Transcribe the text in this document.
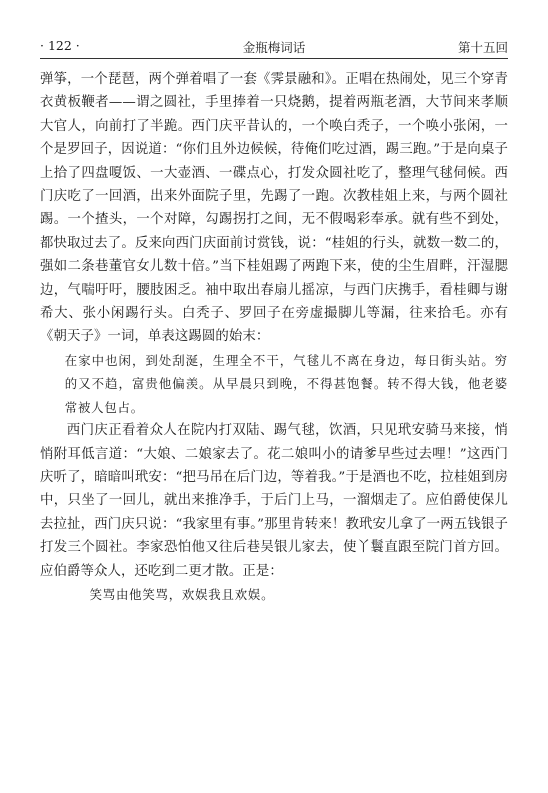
· 122 ·	金瓶梅词话	第十五回

弹筝，一个琵琶，两个弹着唱了一套《霁景融和》。正唱在热闹处，见三个穿青衣黄板鞭者——谓之圆社，手里捧着一只烧鹅，提着两瓶老酒，大节间来孝顺大官人，向前打了半跪。西门庆平昔认的，一个唤白秃子，一个唤小张闲，一个是罗回子，因说道：“你们且外边候候，待俺们吃过酒，踢三跑。”于是向桌子上拾了四盘嗄饭、一大壶酒、一碟点心，打发众圆社吃了，整理气毬伺候。西门庆吃了一回酒，出来外面院子里，先踢了一跑。次教桂姐上来，与两个圆社踢。一个揸头，一个对障，勾踢拐打之间，无不假喝彩奉承。就有些不到处，都快取过去了。反来向西门庆面前讨赏钱，说：“桂姐的行头，就数一数二的，强如二条巷董官女儿数十倍。”当下桂姐踢了两跑下来，使的尘生眉畔，汗湿腮边，气喘吁吁，腰肢困乏。袖中取出春扇儿摇凉，与西门庆携手，看桂卿与谢希大、张小闲踢行头。白秃子、罗回子在旁虚撮脚儿等漏，往来拾毛。亦有《朝天子》一词，单表这踢圆的始末：

在家中也闲，到处刮涎，生理全不干，气毬儿不离在身边，每日街头站。穷的又不趋，富贵他偏羡。从早晨只到晚，不得甚饱餐。转不得大钱，他老婆常被人包占。

西门庆正看着众人在院内打双陆、踢气毬，饮酒，只见玳安骑马来接，悄悄附耳低言道：“大娘、二娘家去了。花二娘叫小的请爹早些过去哩！”这西门庆听了，暗暗叫玳安：“把马吊在后门边，等着我。”于是酒也不吃，拉桂姐到房中，只坐了一回儿，就出来推净手，于后门上马，一溜烟走了。应伯爵使保儿去拉扯，西门庆只说：“我家里有事。”那里肯转来！教玳安儿拿了一两五钱银子打发三个圆社。李家恐怕他又往后巷吴银儿家去，使丫鬟直跟至院门首方回。应伯爵等众人，还吃到二更才散。正是：

笑骂由他笑骂，欢娱我且欢娱。
